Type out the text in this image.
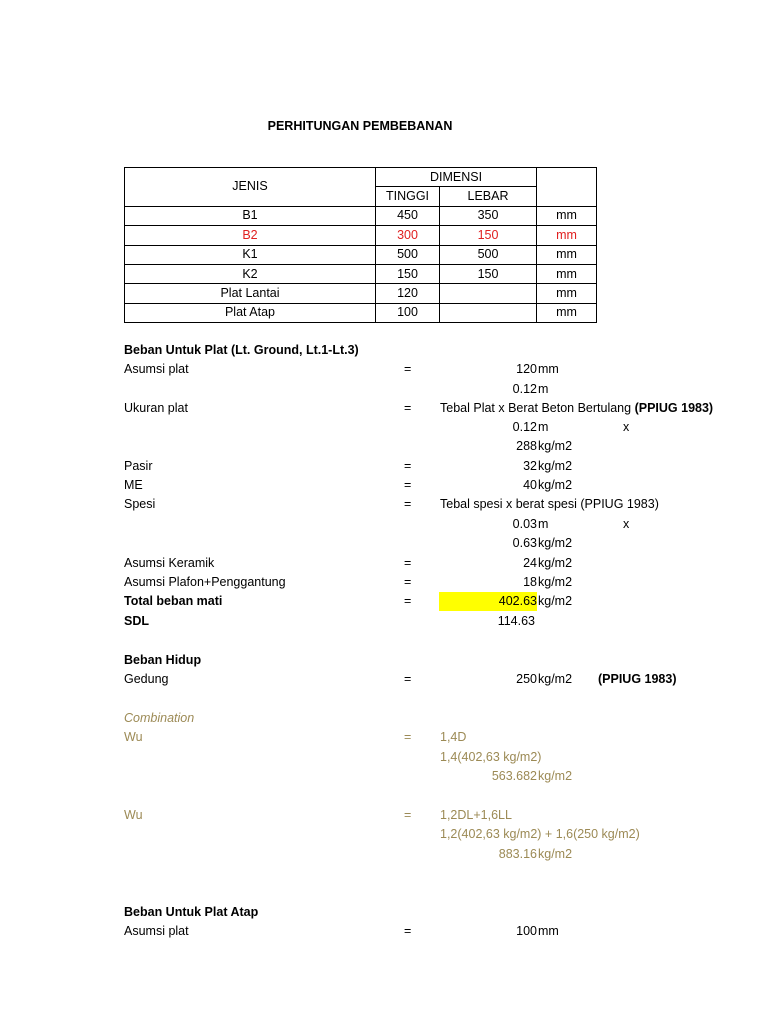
PERHITUNGAN PEMBEBANAN
JENIS	DIMENSI		
	TINGGI	LEBAR	
B1	450	350	mm
B2	300	150	mm
K1	500	500	mm
K2	150	150	mm
Plat Lantai	120		mm
Plat Atap	100		mm
Beban Untuk Plat (Lt. Ground, Lt.1-Lt.3)
Asumsi plat	=	120 mm
0.12 m
Ukuran plat	= Tebal Plat x Berat Beton Bertulang (PPIUG 1983)
0.12 m	x
288 kg/m2
Pasir	=	32 kg/m2
ME	=	40 kg/m2
Spesi	= Tebal spesi x berat spesi (PPIUG 1983)
0.03 m	x
0.63 kg/m2
Asumsi Keramik	=	24 kg/m2
Asumsi Plafon+Penggantung	=	18 kg/m2
Total beban mati	=	402.63 kg/m2
SDL	114.63
Beban Hidup
Gedung	=	250 kg/m2 (PPIUG 1983)
Combination
Wu	= 1,4D
1,4(402,63 kg/m2)
563.682 kg/m2
Wu	= 1,2DL+1,6LL
1,2(402,63 kg/m2) + 1,6(250 kg/m2)
883.16 kg/m2
Beban Untuk Plat Atap
Asumsi plat	=	100 mm
